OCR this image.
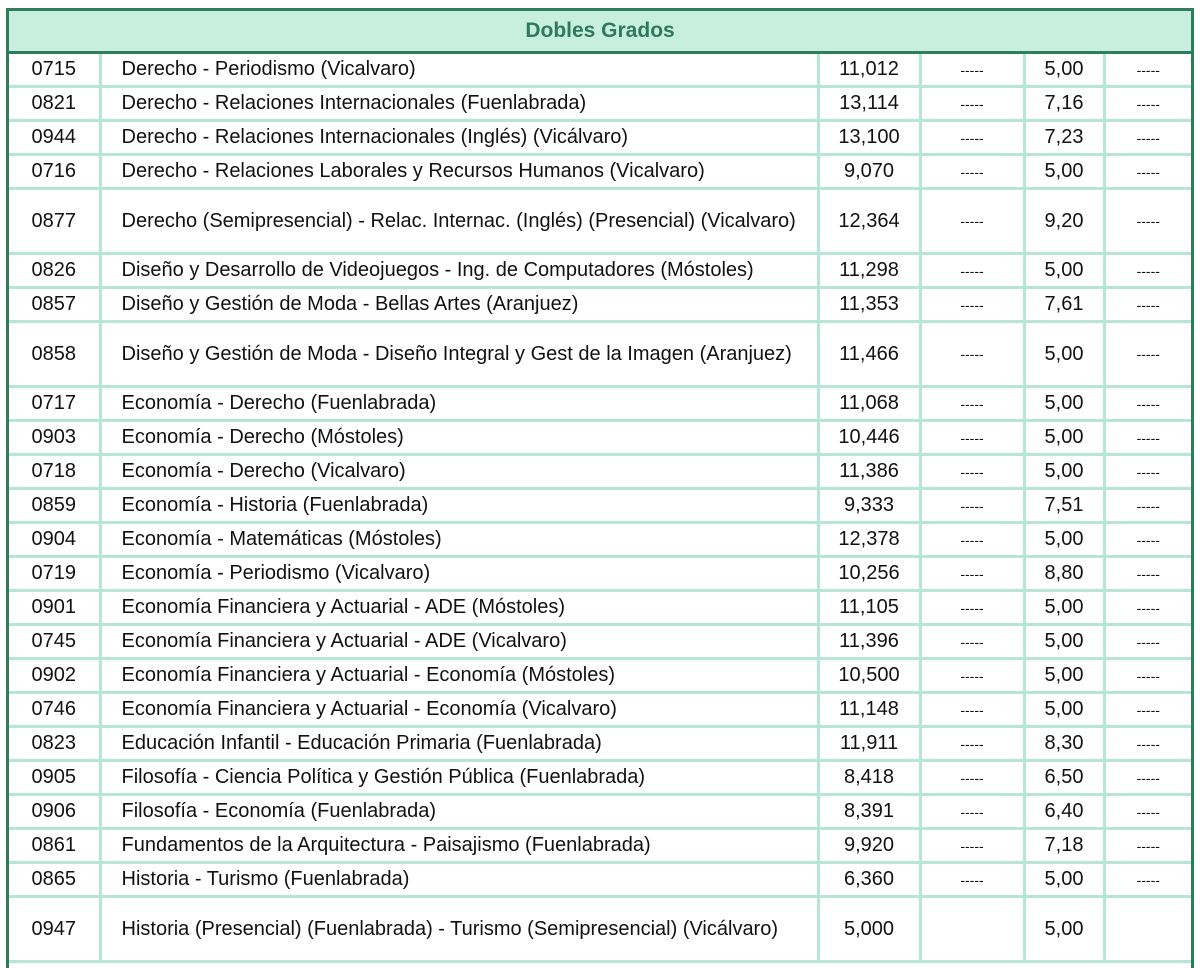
Dobles Grados					
0715	Derecho - Periodismo (Vicalvaro)	11,012	-----	5,00	-----
0821	Derecho - Relaciones Internacionales (Fuenlabrada)	13,114	-----	7,16	-----
0944	Derecho - Relaciones Internacionales (Inglés) (Vicálvaro)	13,100	-----	7,23	-----
0716	Derecho - Relaciones Laborales y Recursos Humanos (Vicalvaro)	9,070	-----	5,00	-----
0877	Derecho (Semipresencial) - Relac. Internac. (Inglés) (Presencial) (Vicalvaro)	12,364	-----	9,20	-----
0826	Diseño y Desarrollo de Videojuegos - Ing. de Computadores (Móstoles)	11,298	-----	5,00	-----
0857	Diseño y Gestión de Moda - Bellas Artes (Aranjuez)	11,353	-----	7,61	-----
0858	Diseño y Gestión de Moda - Diseño Integral y Gest de la Imagen (Aranjuez)	11,466	-----	5,00	-----
0717	Economía - Derecho (Fuenlabrada)	11,068	-----	5,00	-----
0903	Economía - Derecho (Móstoles)	10,446	-----	5,00	-----
0718	Economía - Derecho (Vicalvaro)	11,386	-----	5,00	-----
0859	Economía - Historia (Fuenlabrada)	9,333	-----	7,51	-----
0904	Economía - Matemáticas (Móstoles)	12,378	-----	5,00	-----
0719	Economía - Periodismo (Vicalvaro)	10,256	-----	8,80	-----
0901	Economía Financiera y Actuarial - ADE (Móstoles)	11,105	-----	5,00	-----
0745	Economía Financiera y Actuarial - ADE (Vicalvaro)	11,396	-----	5,00	-----
0902	Economía Financiera y Actuarial - Economía (Móstoles)	10,500	-----	5,00	-----
0746	Economía Financiera y Actuarial - Economía (Vicalvaro)	11,148	-----	5,00	-----
0823	Educación Infantil - Educación Primaria (Fuenlabrada)	11,911	-----	8,30	-----
0905	Filosofía - Ciencia Política y Gestión Pública (Fuenlabrada)	8,418	-----	6,50	-----
0906	Filosofía - Economía (Fuenlabrada)	8,391	-----	6,40	-----
0861	Fundamentos de la Arquitectura - Paisajismo (Fuenlabrada)	9,920	-----	7,18	-----
0865	Historia - Turismo (Fuenlabrada)	6,360	-----	5,00	-----
0947	Historia (Presencial) (Fuenlabrada) - Turismo (Semipresencial) (Vicálvaro)	5,000		5,00	
